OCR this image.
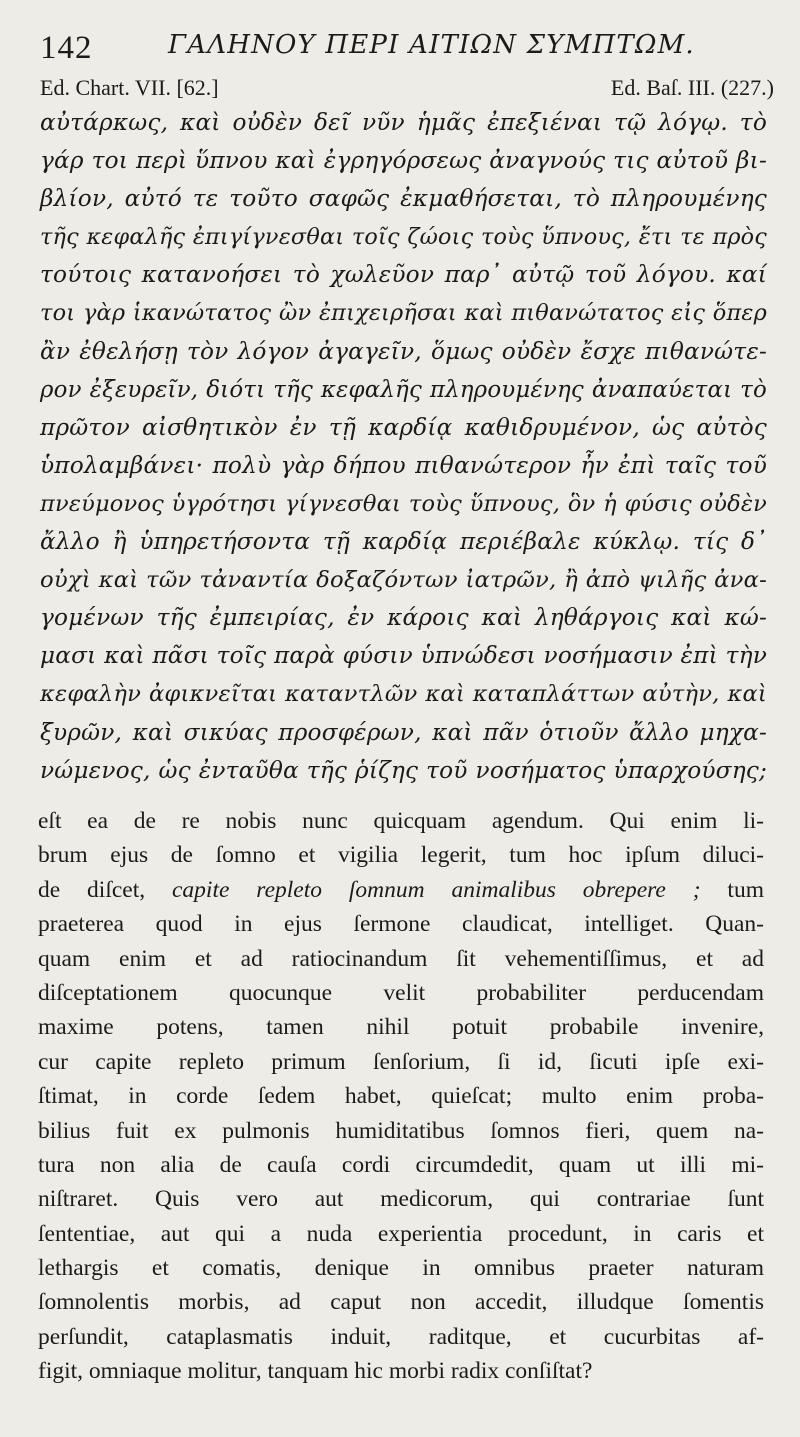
142	ΓΑΛΗΝΟΥ ΠΕΡΙ ΑΙΤΙΩΝ ΣΥΜΠΤΩΜ.
Ed. Chart. VII. [62.]	Ed. Baſ. III. (227.)
αὐτάρκως, καὶ οὐδὲν δεῖ νῦν ἡμᾶς ἐπεξιέναι τῷ λόγῳ. τὸ
γάρ τοι περὶ ὕπνου καὶ ἐγρηγόρσεως ἀναγνούς τις αὐτοῦ βι-
βλίον, αὐτό τε τοῦτο σαφῶς ἐκμαθήσεται, τὸ πληρουμένης
τῆς κεφαλῆς ἐπιγίγνεσθαι τοῖς ζώοις τοὺς ὕπνους, ἔτι τε πρὸς
τούτοις κατανοήσει τὸ χωλεῦον παρ᾽ αὐτῷ τοῦ λόγου. καί
τοι γὰρ ἱκανώτατος ὢν ἐπιχειρῆσαι καὶ πιθανώτατος εἰς ὅπερ
ἂν ἐθελήσῃ τὸν λόγον ἀγαγεῖν, ὅμως οὐδὲν ἔσχε πιθανώτε-
ρον ἐξευρεῖν, διότι τῆς κεφαλῆς πληρουμένης ἀναπαύεται τὸ
πρῶτον αἰσθητικὸν ἐν τῇ καρδίᾳ καθιδρυμένον, ὡς αὐτὸς
ὑπολαμβάνει· πολὺ γὰρ δήπου πιθανώτερον ἦν ἐπὶ ταῖς τοῦ
πνεύμονος ὑγρότησι γίγνεσθαι τοὺς ὕπνους, ὃν ἡ φύσις οὐδὲν
ἄλλο ἢ ὑπηρετήσοντα τῇ καρδίᾳ περιέβαλε κύκλῳ. τίς δ᾽
οὐχὶ καὶ τῶν τἀναντία δοξαζόντων ἰατρῶν, ἢ ἀπὸ ψιλῆς ἀνα-
γομένων τῆς ἐμπειρίας, ἐν κάροις καὶ ληθάργοις καὶ κώ-
μασι καὶ πᾶσι τοῖς παρὰ φύσιν ὑπνώδεσι νοσήμασιν ἐπὶ τὴν
κεφαλὴν ἀφικνεῖται καταντλῶν καὶ καταπλάττων αὐτὴν, καὶ
ξυρῶν, καὶ σικύας προσφέρων, καὶ πᾶν ὁτιοῦν ἄλλο μηχα-
νώμενος, ὡς ἐνταῦθα τῆς ῥίζης τοῦ νοσήματος ὑπαρχούσης;
eſt ea de re nobis nunc quicquam agendum. Qui enim li-
brum ejus de ſomno et vigilia legerit, tum hoc ipſum diluci-
de diſcet, capite repleto ſomnum animalibus obrepere ; tum
praeterea quod in ejus ſermone claudicat, intelliget. Quan-
quam enim et ad ratiocinandum ſit vehementiſſimus, et ad
diſceptationem quocunque velit probabiliter perducendam
maxime potens, tamen nihil potuit probabile invenire,
cur capite repleto primum ſenſorium, ſi id, ſicuti ipſe exi-
ſtimat, in corde ſedem habet, quieſcat; multo enim proba-
bilius fuit ex pulmonis humiditatibus ſomnos fieri, quem na-
tura non alia de cauſa cordi circumdedit, quam ut illi mi-
niſtraret. Quis vero aut medicorum, qui contrariae ſunt
ſententiae, aut qui a nuda experientia procedunt, in caris et
lethargis et comatis, denique in omnibus praeter naturam
ſomnolentis morbis, ad caput non accedit, illudque ſomentis
perſundit, cataplasmatis induit, raditque, et cucurbitas af-
figit, omniaque molitur, tanquam hic morbi radix conſiſtat?
